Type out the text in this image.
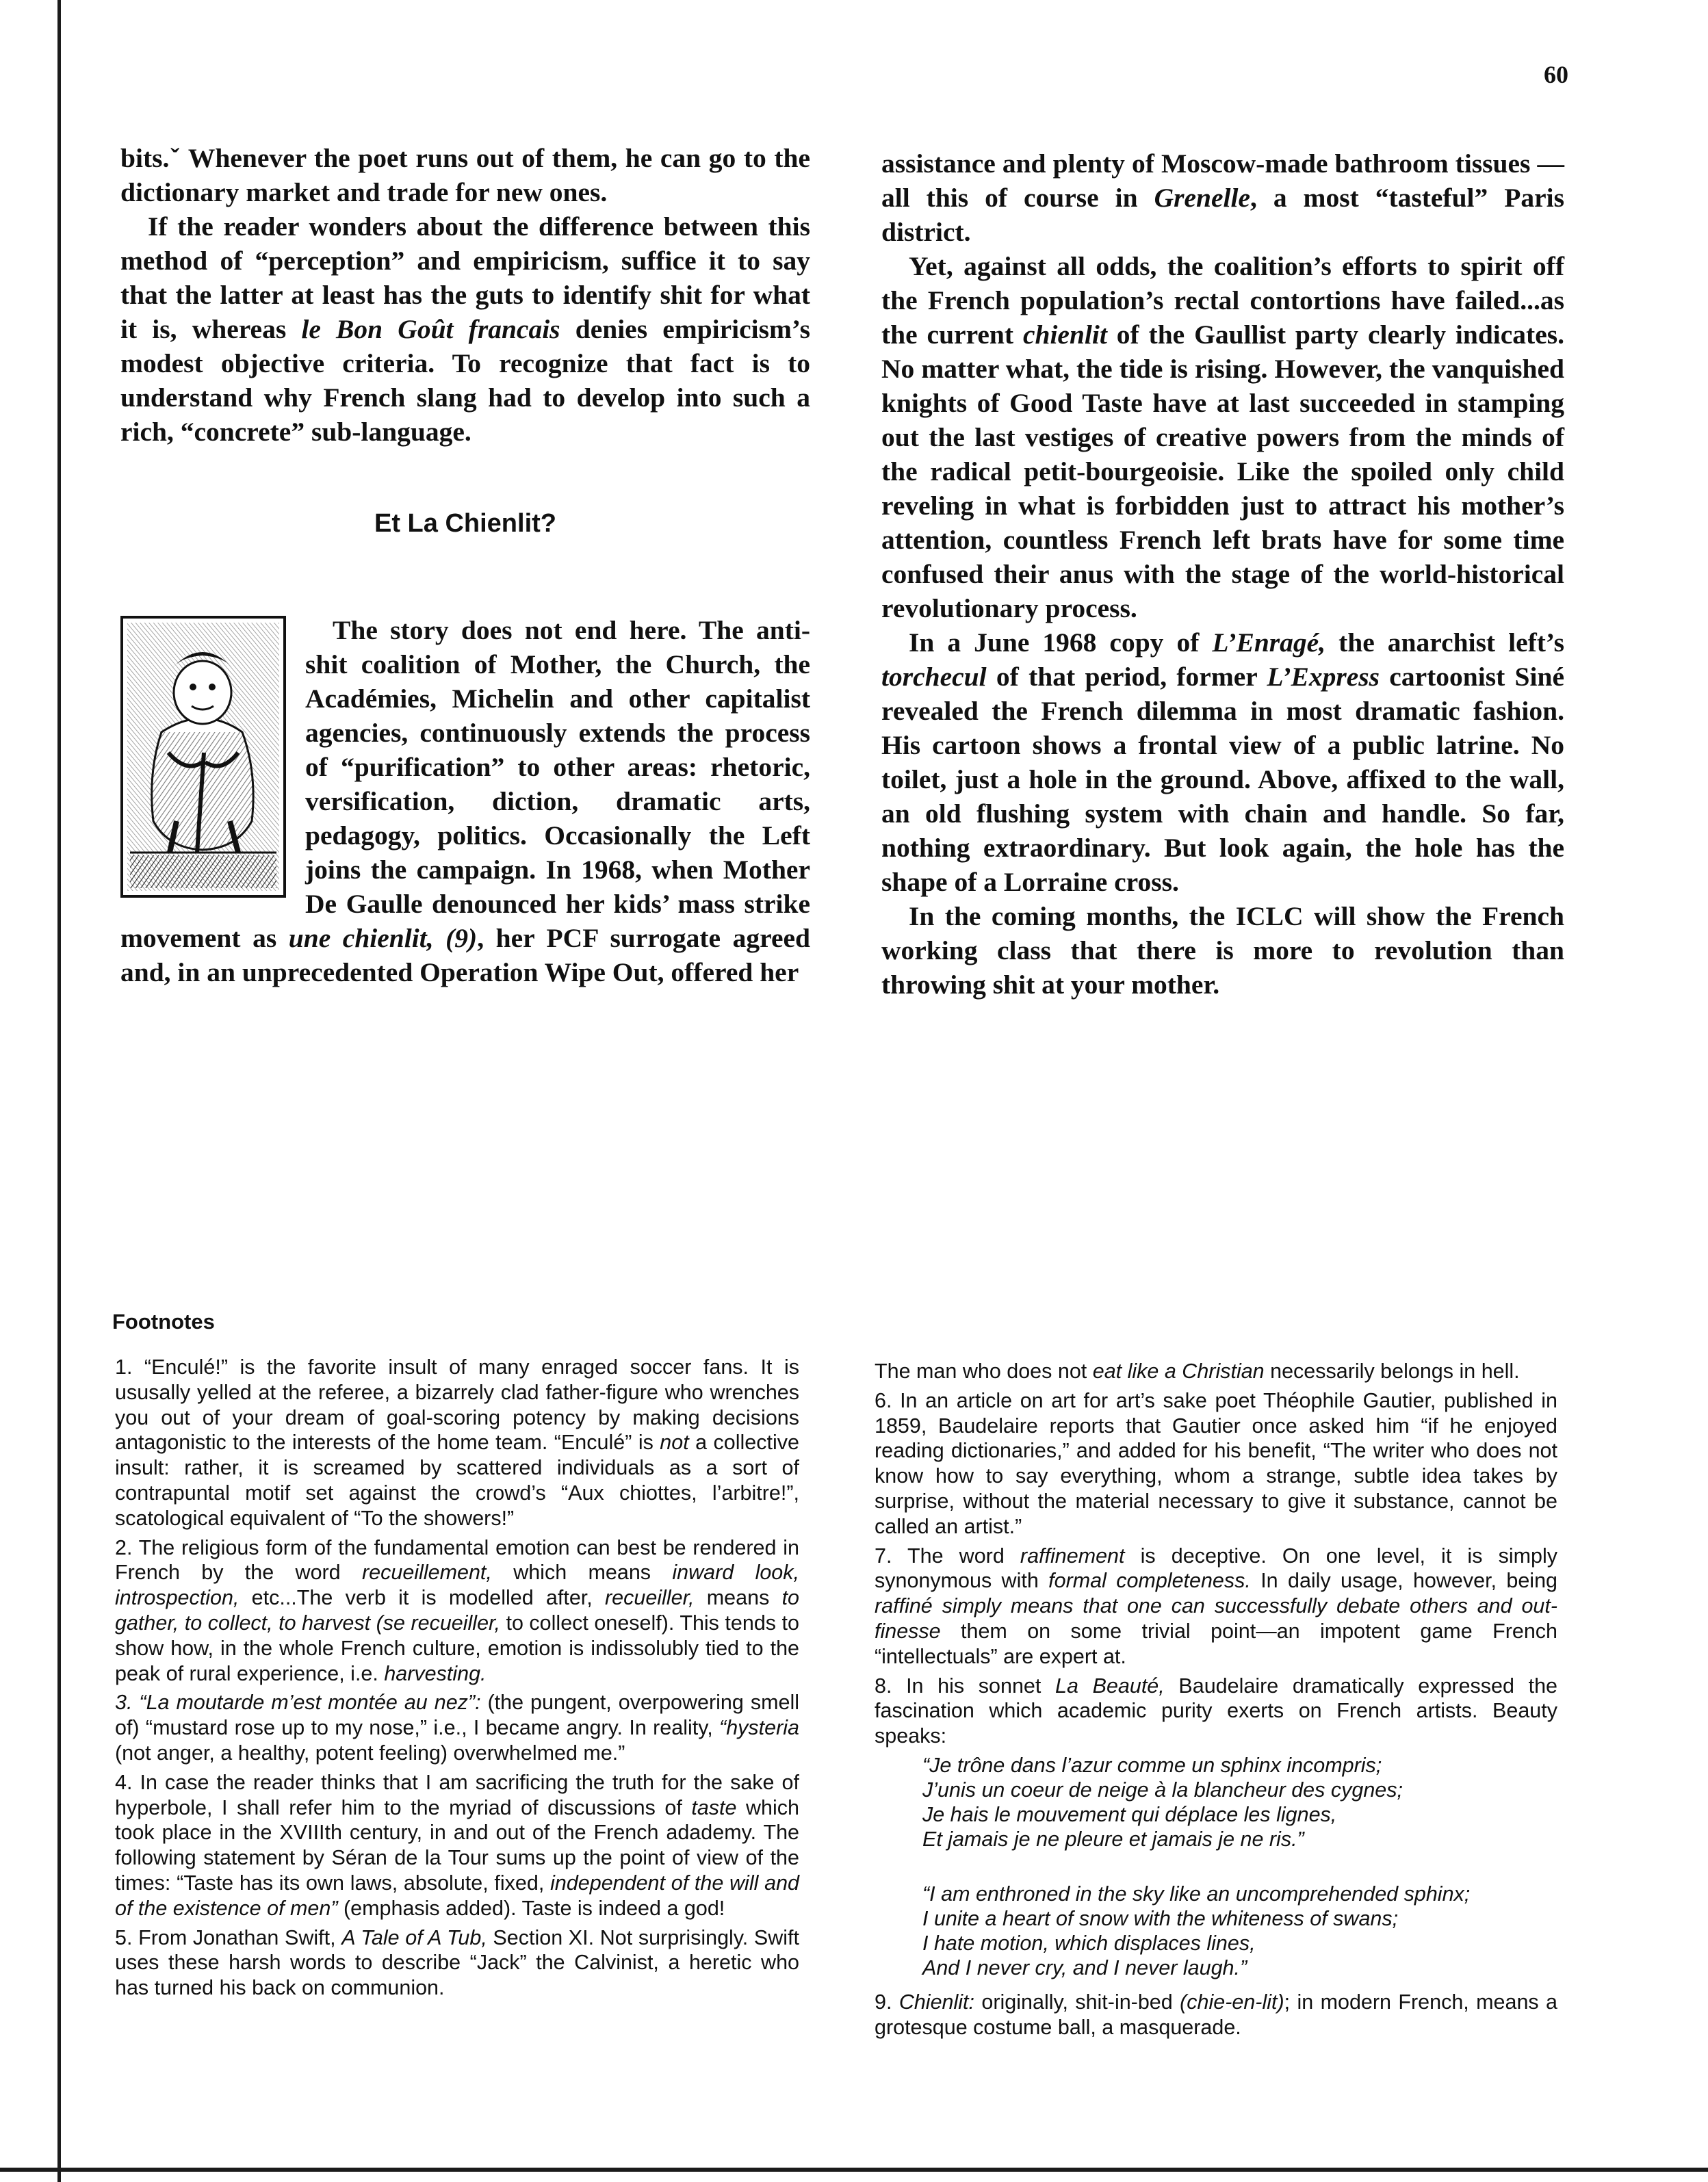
60

bits.ˇ Whenever the poet runs out of them, he can go to the dictionary market and trade for new ones.

If the reader wonders about the difference between this method of “perception” and empiricism, suffice it to say that the latter at least has the guts to identify shit for what it is, whereas le Bon Goût francais denies empiricism’s modest objective criteria. To recognize that fact is to understand why French slang had to develop into such a rich, “concrete” sub-language.

Et La Chienlit?

The story does not end here. The anti-shit coalition of Mother, the Church, the Académies, Michelin and other capitalist agencies, continuously extends the process of “purification” to other areas: rhetoric, versification, diction, dramatic arts, pedagogy, politics. Occasionally the Left joins the campaign. In 1968, when Mother De Gaulle denounced her kids’ mass strike movement as une chienlit, (9), her PCF surrogate agreed and, in an unprecedented Operation Wipe Out, offered her

assistance and plenty of Moscow-made bathroom tissues — all this of course in Grenelle, a most “tasteful” Paris district.

Yet, against all odds, the coalition’s efforts to spirit off the French population’s rectal contortions have failed...as the current chienlit of the Gaullist party clearly indicates. No matter what, the tide is rising. However, the vanquished knights of Good Taste have at last succeeded in stamping out the last vestiges of creative powers from the minds of the radical petit-bourgeoisie. Like the spoiled only child reveling in what is forbidden just to attract his mother’s attention, countless French left brats have for some time confused their anus with the stage of the world-historical revolutionary process.

In a June 1968 copy of L’Enragé, the anarchist left’s torchecul of that period, former L’Express cartoonist Siné revealed the French dilemma in most dramatic fashion. His cartoon shows a frontal view of a public latrine. No toilet, just a hole in the ground. Above, affixed to the wall, an old flushing system with chain and handle. So far, nothing extraordinary. But look again, the hole has the shape of a Lorraine cross.

In the coming months, the ICLC will show the French working class that there is more to revolution than throwing shit at your mother.

Footnotes

1. “Enculé!” is the favorite insult of many enraged soccer fans. It is ususally yelled at the referee, a bizarrely clad father-figure who wrenches you out of your dream of goal-scoring potency by making decisions antagonistic to the interests of the home team. “Enculé” is not a collective insult: rather, it is screamed by scattered individuals as a sort of contrapuntal motif set against the crowd’s “Aux chiottes, l’arbitre!”, scatological equivalent of “To the showers!”

2. The religious form of the fundamental emotion can best be rendered in French by the word recueillement, which means inward look, introspection, etc...The verb it is modelled after, recueiller, means to gather, to collect, to harvest (se recueiller, to collect oneself). This tends to show how, in the whole French culture, emotion is indissolubly tied to the peak of rural experience, i.e. harvesting.

3. “La moutarde m’est montée au nez”: (the pungent, overpowering smell of) “mustard rose up to my nose,” i.e., I became angry. In reality, “hysteria (not anger, a healthy, potent feeling) overwhelmed me.”

4. In case the reader thinks that I am sacrificing the truth for the sake of hyperbole, I shall refer him to the myriad of discussions of taste which took place in the XVIIIth century, in and out of the French adademy. The following statement by Séran de la Tour sums up the point of view of the times: “Taste has its own laws, absolute, fixed, independent of the will and of the existence of men” (emphasis added). Taste is indeed a god!

5. From Jonathan Swift, A Tale of A Tub, Section XI. Not surprisingly. Swift uses these harsh words to describe “Jack” the Calvinist, a heretic who has turned his back on communion.

The man who does not eat like a Christian necessarily belongs in hell.

6. In an article on art for art’s sake poet Théophile Gautier, published in 1859, Baudelaire reports that Gautier once asked him “if he enjoyed reading dictionaries,” and added for his benefit, “The writer who does not know how to say everything, whom a strange, subtle idea takes by surprise, without the material necessary to give it substance, cannot be called an artist.”

7. The word raffinement is deceptive. On one level, it is simply synonymous with formal completeness. In daily usage, however, being raffiné simply means that one can successfully debate others and out-finesse them on some trivial point—an impotent game French “intellectuals” are expert at.

8. In his sonnet La Beauté, Baudelaire dramatically expressed the fascination which academic purity exerts on French artists. Beauty speaks:

“Je trône dans l’azur comme un sphinx incompris;
J’unis un coeur de neige à la blancheur des cygnes;
Je hais le mouvement qui déplace les lignes,
Et jamais je ne pleure et jamais je ne ris.”
“I am enthroned in the sky like an uncomprehended sphinx;
I unite a heart of snow with the whiteness of swans;
I hate motion, which displaces lines,
And I never cry, and I never laugh.”

9. Chienlit: originally, shit-in-bed (chie-en-lit); in modern French, means a grotesque costume ball, a masquerade.
